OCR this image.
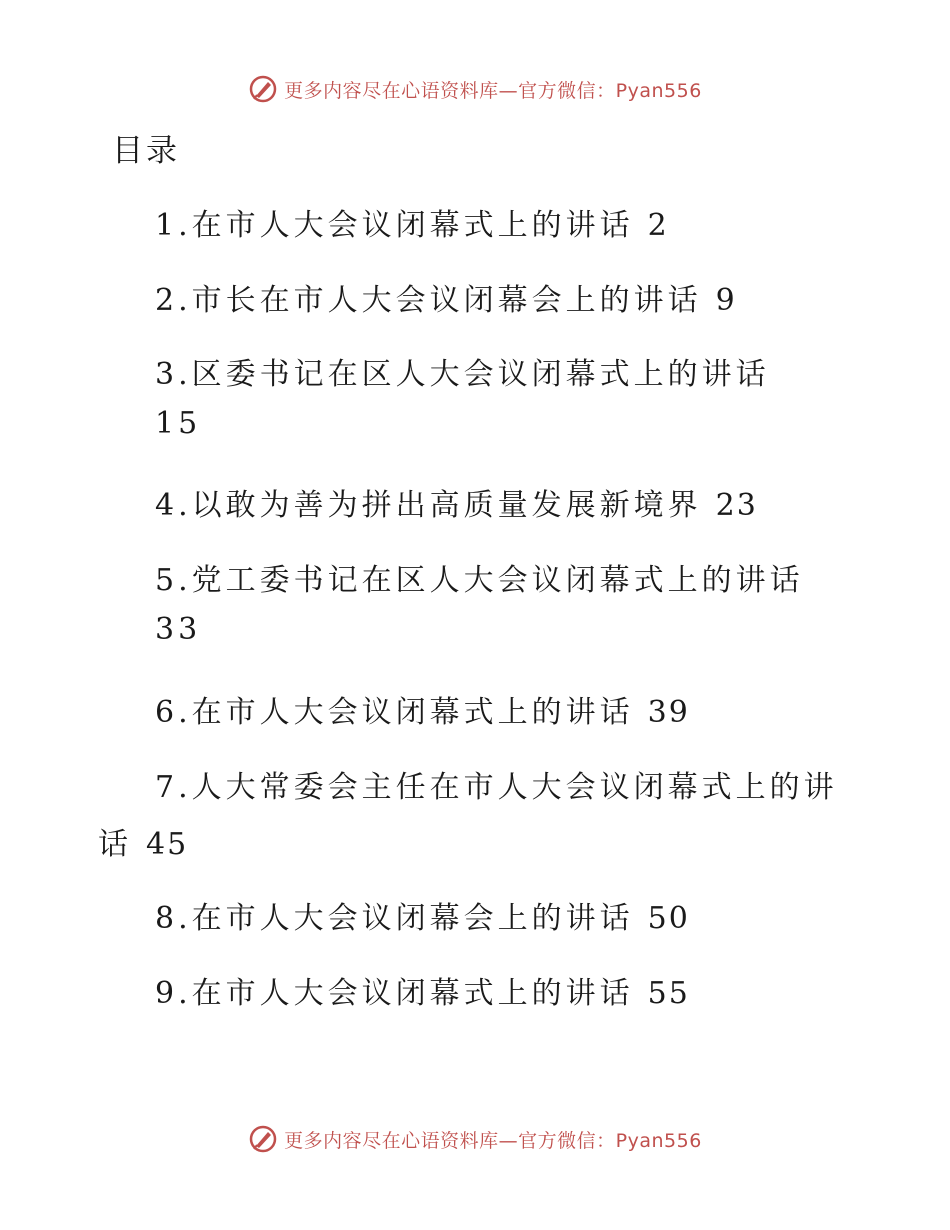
更多内容尽在心语资料库—官方微信：Pyan556
目录
1.在市人大会议闭幕式上的讲话 2
2.市长在市人大会议闭幕会上的讲话 9
3.区委书记在区人大会议闭幕式上的讲话
15
4.以敢为善为拼出高质量发展新境界 23
5.党工委书记在区人大会议闭幕式上的讲话
33
6.在市人大会议闭幕式上的讲话 39
7.人大常委会主任在市人大会议闭幕式上的讲
话 45
8.在市人大会议闭幕会上的讲话 50
9.在市人大会议闭幕式上的讲话 55
更多内容尽在心语资料库—官方微信：Pyan556
